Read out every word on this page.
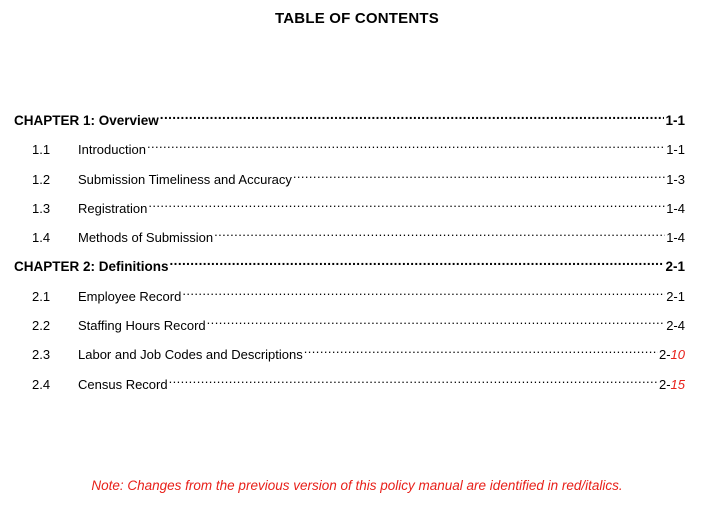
TABLE OF CONTENTS
CHAPTER 1: Overview .....	1-1
1.1	Introduction .....	1-1
1.2	Submission Timeliness and Accuracy .....	1-3
1.3	Registration .....	1-4
1.4	Methods of Submission .....	1-4
CHAPTER 2: Definitions .....	2-1
2.1	Employee Record .....	2-1
2.2	Staffing Hours Record .....	2-4
2.3	Labor and Job Codes and Descriptions .....	2-10
2.4	Census Record .....	2-15
Note: Changes from the previous version of this policy manual are identified in red/italics.
